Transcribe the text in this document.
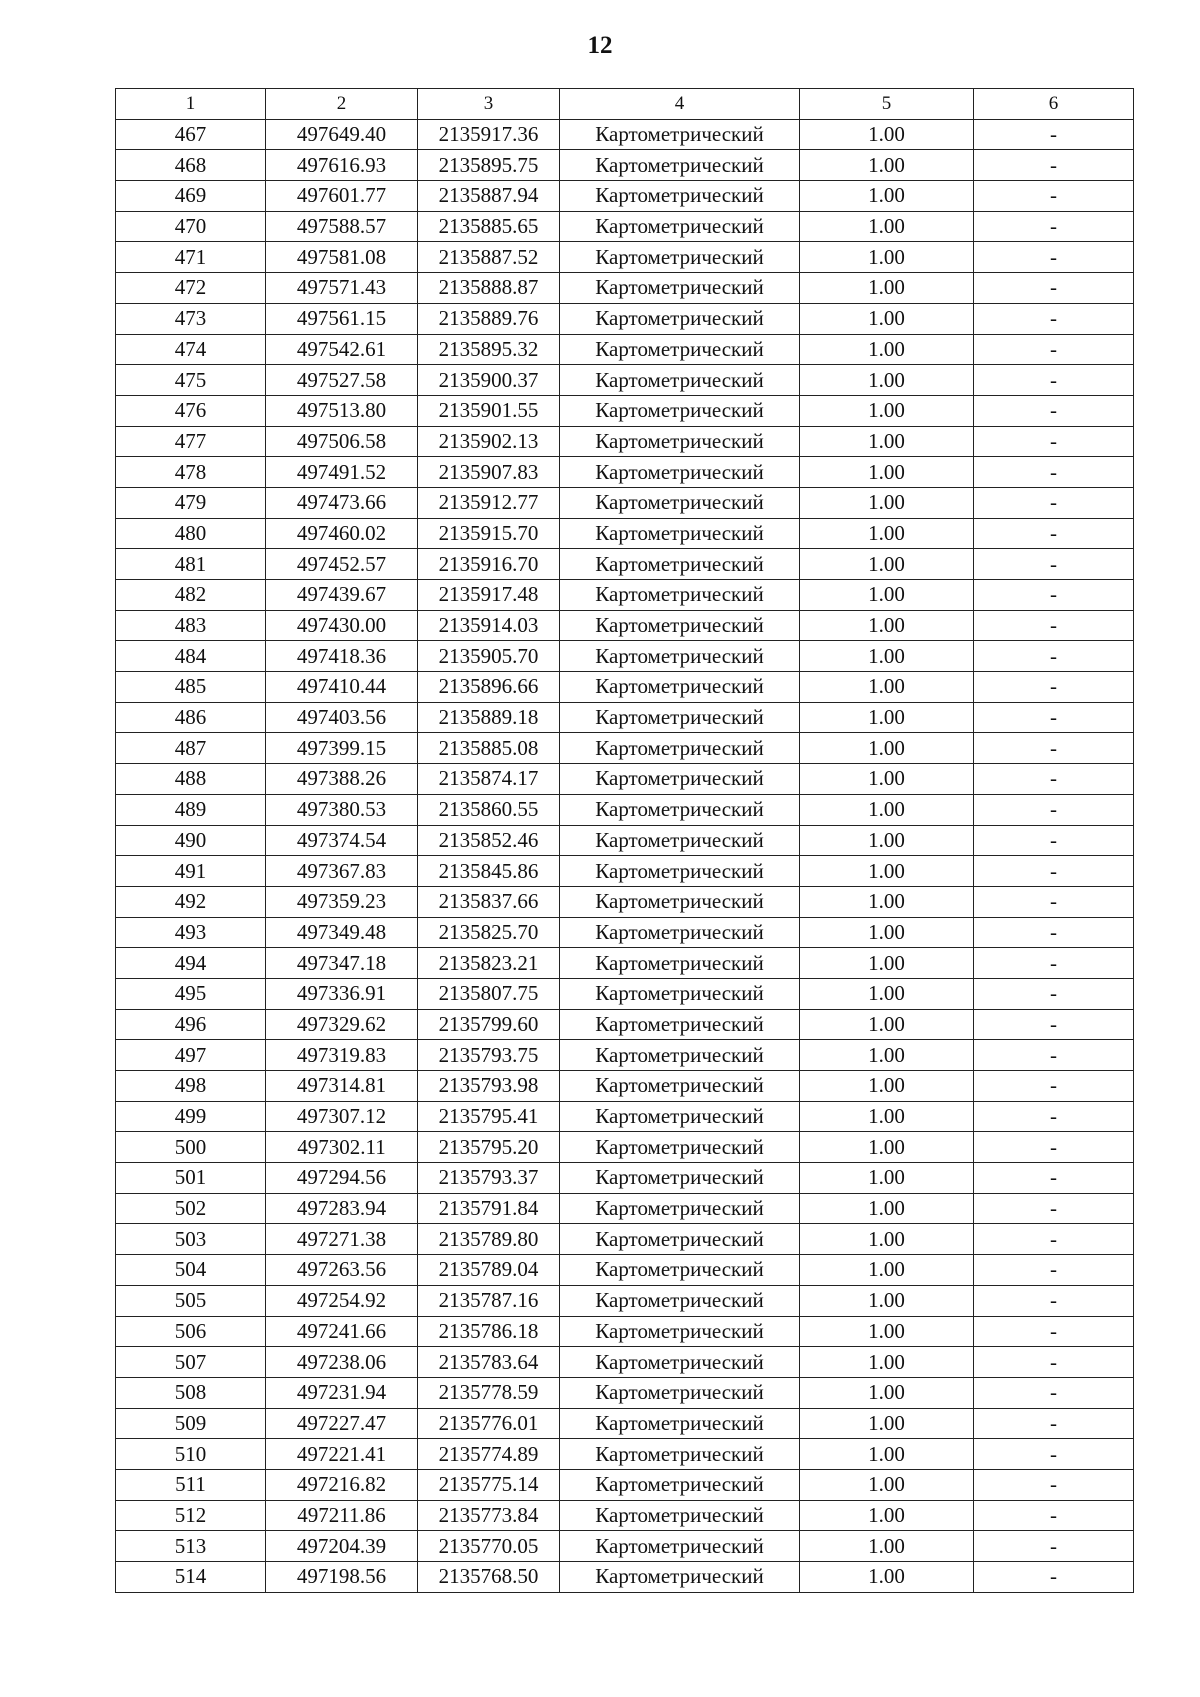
12
1	2	3	4	5	6
467	497649.40	2135917.36	Картометрический	1.00	-
468	497616.93	2135895.75	Картометрический	1.00	-
469	497601.77	2135887.94	Картометрический	1.00	-
470	497588.57	2135885.65	Картометрический	1.00	-
471	497581.08	2135887.52	Картометрический	1.00	-
472	497571.43	2135888.87	Картометрический	1.00	-
473	497561.15	2135889.76	Картометрический	1.00	-
474	497542.61	2135895.32	Картометрический	1.00	-
475	497527.58	2135900.37	Картометрический	1.00	-
476	497513.80	2135901.55	Картометрический	1.00	-
477	497506.58	2135902.13	Картометрический	1.00	-
478	497491.52	2135907.83	Картометрический	1.00	-
479	497473.66	2135912.77	Картометрический	1.00	-
480	497460.02	2135915.70	Картометрический	1.00	-
481	497452.57	2135916.70	Картометрический	1.00	-
482	497439.67	2135917.48	Картометрический	1.00	-
483	497430.00	2135914.03	Картометрический	1.00	-
484	497418.36	2135905.70	Картометрический	1.00	-
485	497410.44	2135896.66	Картометрический	1.00	-
486	497403.56	2135889.18	Картометрический	1.00	-
487	497399.15	2135885.08	Картометрический	1.00	-
488	497388.26	2135874.17	Картометрический	1.00	-
489	497380.53	2135860.55	Картометрический	1.00	-
490	497374.54	2135852.46	Картометрический	1.00	-
491	497367.83	2135845.86	Картометрический	1.00	-
492	497359.23	2135837.66	Картометрический	1.00	-
493	497349.48	2135825.70	Картометрический	1.00	-
494	497347.18	2135823.21	Картометрический	1.00	-
495	497336.91	2135807.75	Картометрический	1.00	-
496	497329.62	2135799.60	Картометрический	1.00	-
497	497319.83	2135793.75	Картометрический	1.00	-
498	497314.81	2135793.98	Картометрический	1.00	-
499	497307.12	2135795.41	Картометрический	1.00	-
500	497302.11	2135795.20	Картометрический	1.00	-
501	497294.56	2135793.37	Картометрический	1.00	-
502	497283.94	2135791.84	Картометрический	1.00	-
503	497271.38	2135789.80	Картометрический	1.00	-
504	497263.56	2135789.04	Картометрический	1.00	-
505	497254.92	2135787.16	Картометрический	1.00	-
506	497241.66	2135786.18	Картометрический	1.00	-
507	497238.06	2135783.64	Картометрический	1.00	-
508	497231.94	2135778.59	Картометрический	1.00	-
509	497227.47	2135776.01	Картометрический	1.00	-
510	497221.41	2135774.89	Картометрический	1.00	-
511	497216.82	2135775.14	Картометрический	1.00	-
512	497211.86	2135773.84	Картометрический	1.00	-
513	497204.39	2135770.05	Картометрический	1.00	-
514	497198.56	2135768.50	Картометрический	1.00	-
